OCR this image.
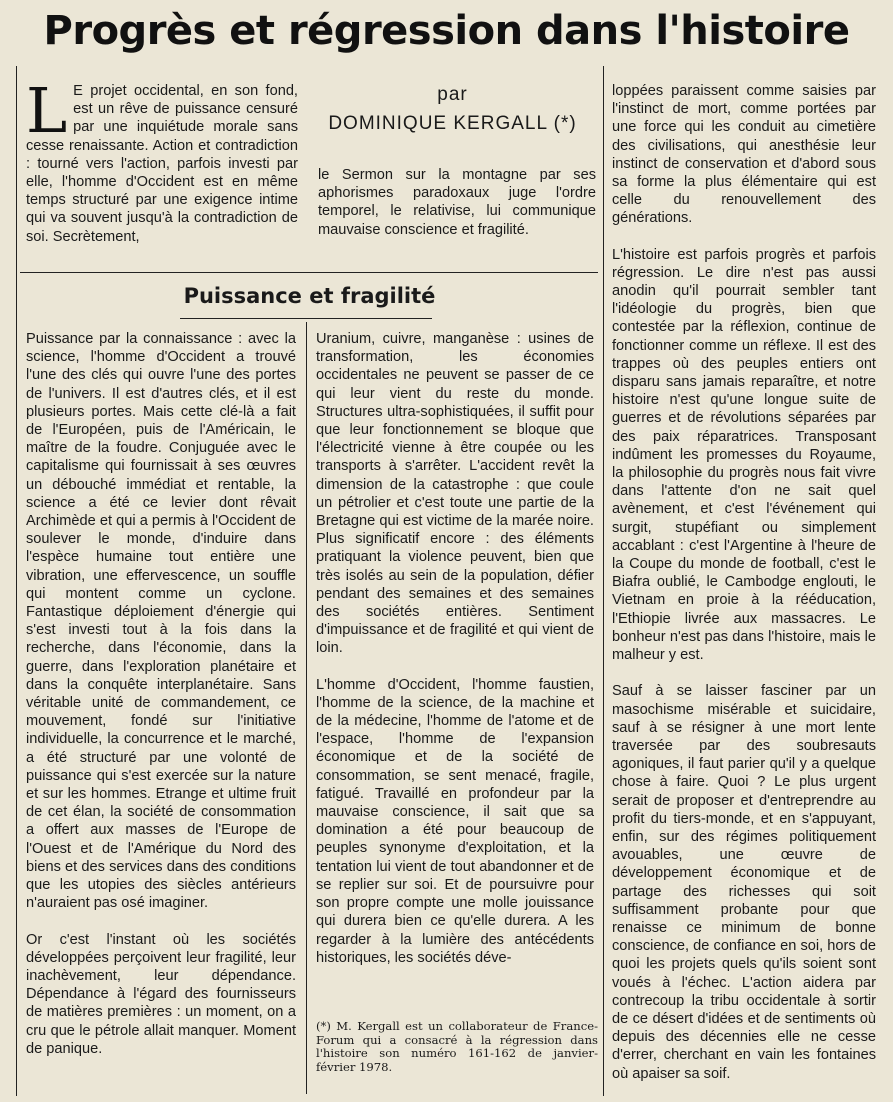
Progrès et régression dans l'histoire

L E projet occidental, en son fond, est un rêve de puissance censuré par une inquiétude morale sans cesse renaissante. Action et contradiction : tourné vers l'action, parfois investi par elle, l'homme d'Occident est en même temps structuré par une exigence intime qui va souvent jusqu'à la contradiction de soi. Secrètement,

par
DOMINIQUE KERGALL (*)

le Sermon sur la montagne par ses aphorismes paradoxaux juge l'ordre temporel, le relativise, lui communique mauvaise conscience et fragilité.

Puissance et fragilité

Puissance par la connaissance : avec la science, l'homme d'Occident a trouvé l'une des clés qui ouvre l'une des portes de l'univers. Il est d'autres clés, et il est plusieurs portes. Mais cette clé-là a fait de l'Européen, puis de l'Américain, le maître de la foudre. Conjuguée avec le capitalisme qui fournissait à ses œuvres un débouché immédiat et rentable, la science a été ce levier dont rêvait Archimède et qui a permis à l'Occident de soulever le monde, d'induire dans l'espèce humaine tout entière une vibration, une effervescence, un souffle qui montent comme un cyclone. Fantastique déploiement d'énergie qui s'est investi tout à la fois dans la recherche, dans l'économie, dans la guerre, dans l'exploration planétaire et dans la conquête interplanétaire. Sans véritable unité de commandement, ce mouvement, fondé sur l'initiative individuelle, la concurrence et le marché, a été structuré par une volonté de puissance qui s'est exercée sur la nature et sur les hommes. Etrange et ultime fruit de cet élan, la société de consommation a offert aux masses de l'Europe de l'Ouest et de l'Amérique du Nord des biens et des services dans des conditions que les utopies des siècles antérieurs n'auraient pas osé imaginer.

Or c'est l'instant où les sociétés développées perçoivent leur fragilité, leur inachèvement, leur dépendance. Dépendance à l'égard des fournisseurs de matières premières : un moment, on a cru que le pétrole allait manquer. Moment de panique.

Uranium, cuivre, manganèse : usines de transformation, les économies occidentales ne peuvent se passer de ce qui leur vient du reste du monde. Structures ultra-sophistiquées, il suffit pour que leur fonctionnement se bloque que l'électricité vienne à être coupée ou les transports à s'arrêter. L'accident revêt la dimension de la catastrophe : que coule un pétrolier et c'est toute une partie de la Bretagne qui est victime de la marée noire. Plus significatif encore : des éléments pratiquant la violence peuvent, bien que très isolés au sein de la population, défier pendant des semaines et des semaines des sociétés entières. Sentiment d'impuissance et de fragilité et qui vient de loin.

L'homme d'Occident, l'homme faustien, l'homme de la science, de la machine et de la médecine, l'homme de l'atome et de l'espace, l'homme de l'expansion économique et de la société de consommation, se sent menacé, fragile, fatigué. Travaillé en profondeur par la mauvaise conscience, il sait que sa domination a été pour beaucoup de peuples synonyme d'exploitation, et la tentation lui vient de tout abandonner et de se replier sur soi. Et de poursuivre pour son propre compte une molle jouissance qui durera bien ce qu'elle durera. A les regarder à la lumière des antécédents historiques, les sociétés déve-

(*) M. Kergall est un collaborateur de France-Forum qui a consacré à la régression dans l'histoire son numéro 161-162 de janvier-février 1978.

loppées paraissent comme saisies par l'instinct de mort, comme portées par une force qui les conduit au cimetière des civilisations, qui anesthésie leur instinct de conservation et d'abord sous sa forme la plus élémentaire qui est celle du renouvellement des générations.

L'histoire est parfois progrès et parfois régression. Le dire n'est pas aussi anodin qu'il pourrait sembler tant l'idéologie du progrès, bien que contestée par la réflexion, continue de fonctionner comme un réflexe. Il est des trappes où des peuples entiers ont disparu sans jamais reparaître, et notre histoire n'est qu'une longue suite de guerres et de révolutions séparées par des paix réparatrices. Transposant indûment les promesses du Royaume, la philosophie du progrès nous fait vivre dans l'attente d'on ne sait quel avènement, et c'est l'événement qui surgit, stupéfiant ou simplement accablant : c'est l'Argentine à l'heure de la Coupe du monde de football, c'est le Biafra oublié, le Cambodge englouti, le Vietnam en proie à la rééducation, l'Ethiopie livrée aux massacres. Le bonheur n'est pas dans l'histoire, mais le malheur y est.

Sauf à se laisser fasciner par un masochisme misérable et suicidaire, sauf à se résigner à une mort lente traversée par des soubresauts agoniques, il faut parier qu'il y a quelque chose à faire. Quoi ? Le plus urgent serait de proposer et d'entreprendre au profit du tiers-monde, et en s'appuyant, enfin, sur des régimes politiquement avouables, une œuvre de développement économique et de partage des richesses qui soit suffisamment probante pour que renaisse ce minimum de bonne conscience, de confiance en soi, hors de quoi les projets quels qu'ils soient sont voués à l'échec. L'action aidera par contrecoup la tribu occidentale à sortir de ce désert d'idées et de sentiments où depuis des décennies elle ne cesse d'errer, cherchant en vain les fontaines où apaiser sa soif.
